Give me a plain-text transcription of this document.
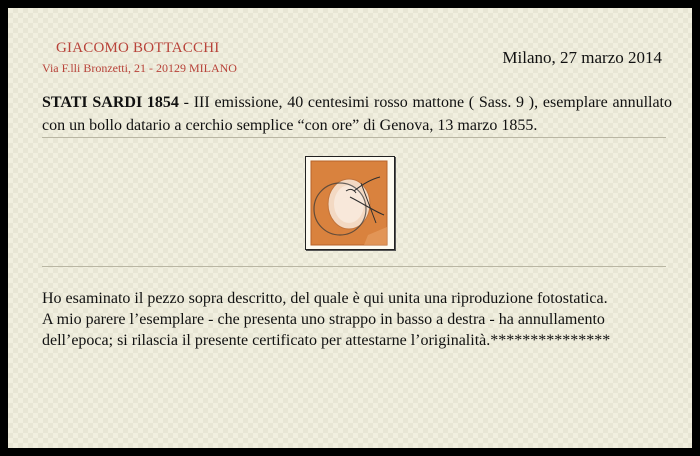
GIACOMO BOTTACCHI
Via F.lli Bronzetti, 21 - 20129 MILANO
Milano, 27 marzo 2014
STATI SARDI 1854 - III emissione, 40 centesimi rosso mattone ( Sass. 9 ), esemplare annullato con un bollo datario a cerchio semplice “con ore” di Genova, 13 marzo 1855.

Ho esaminato il pezzo sopra descritto, del quale è qui unita una riproduzione fotostatica.

A mio parere l’esemplare - che presenta uno strappo in basso a destra - ha annullamento

dell’epoca; si rilascia il presente certificato per attestarne l’originalità.***************
